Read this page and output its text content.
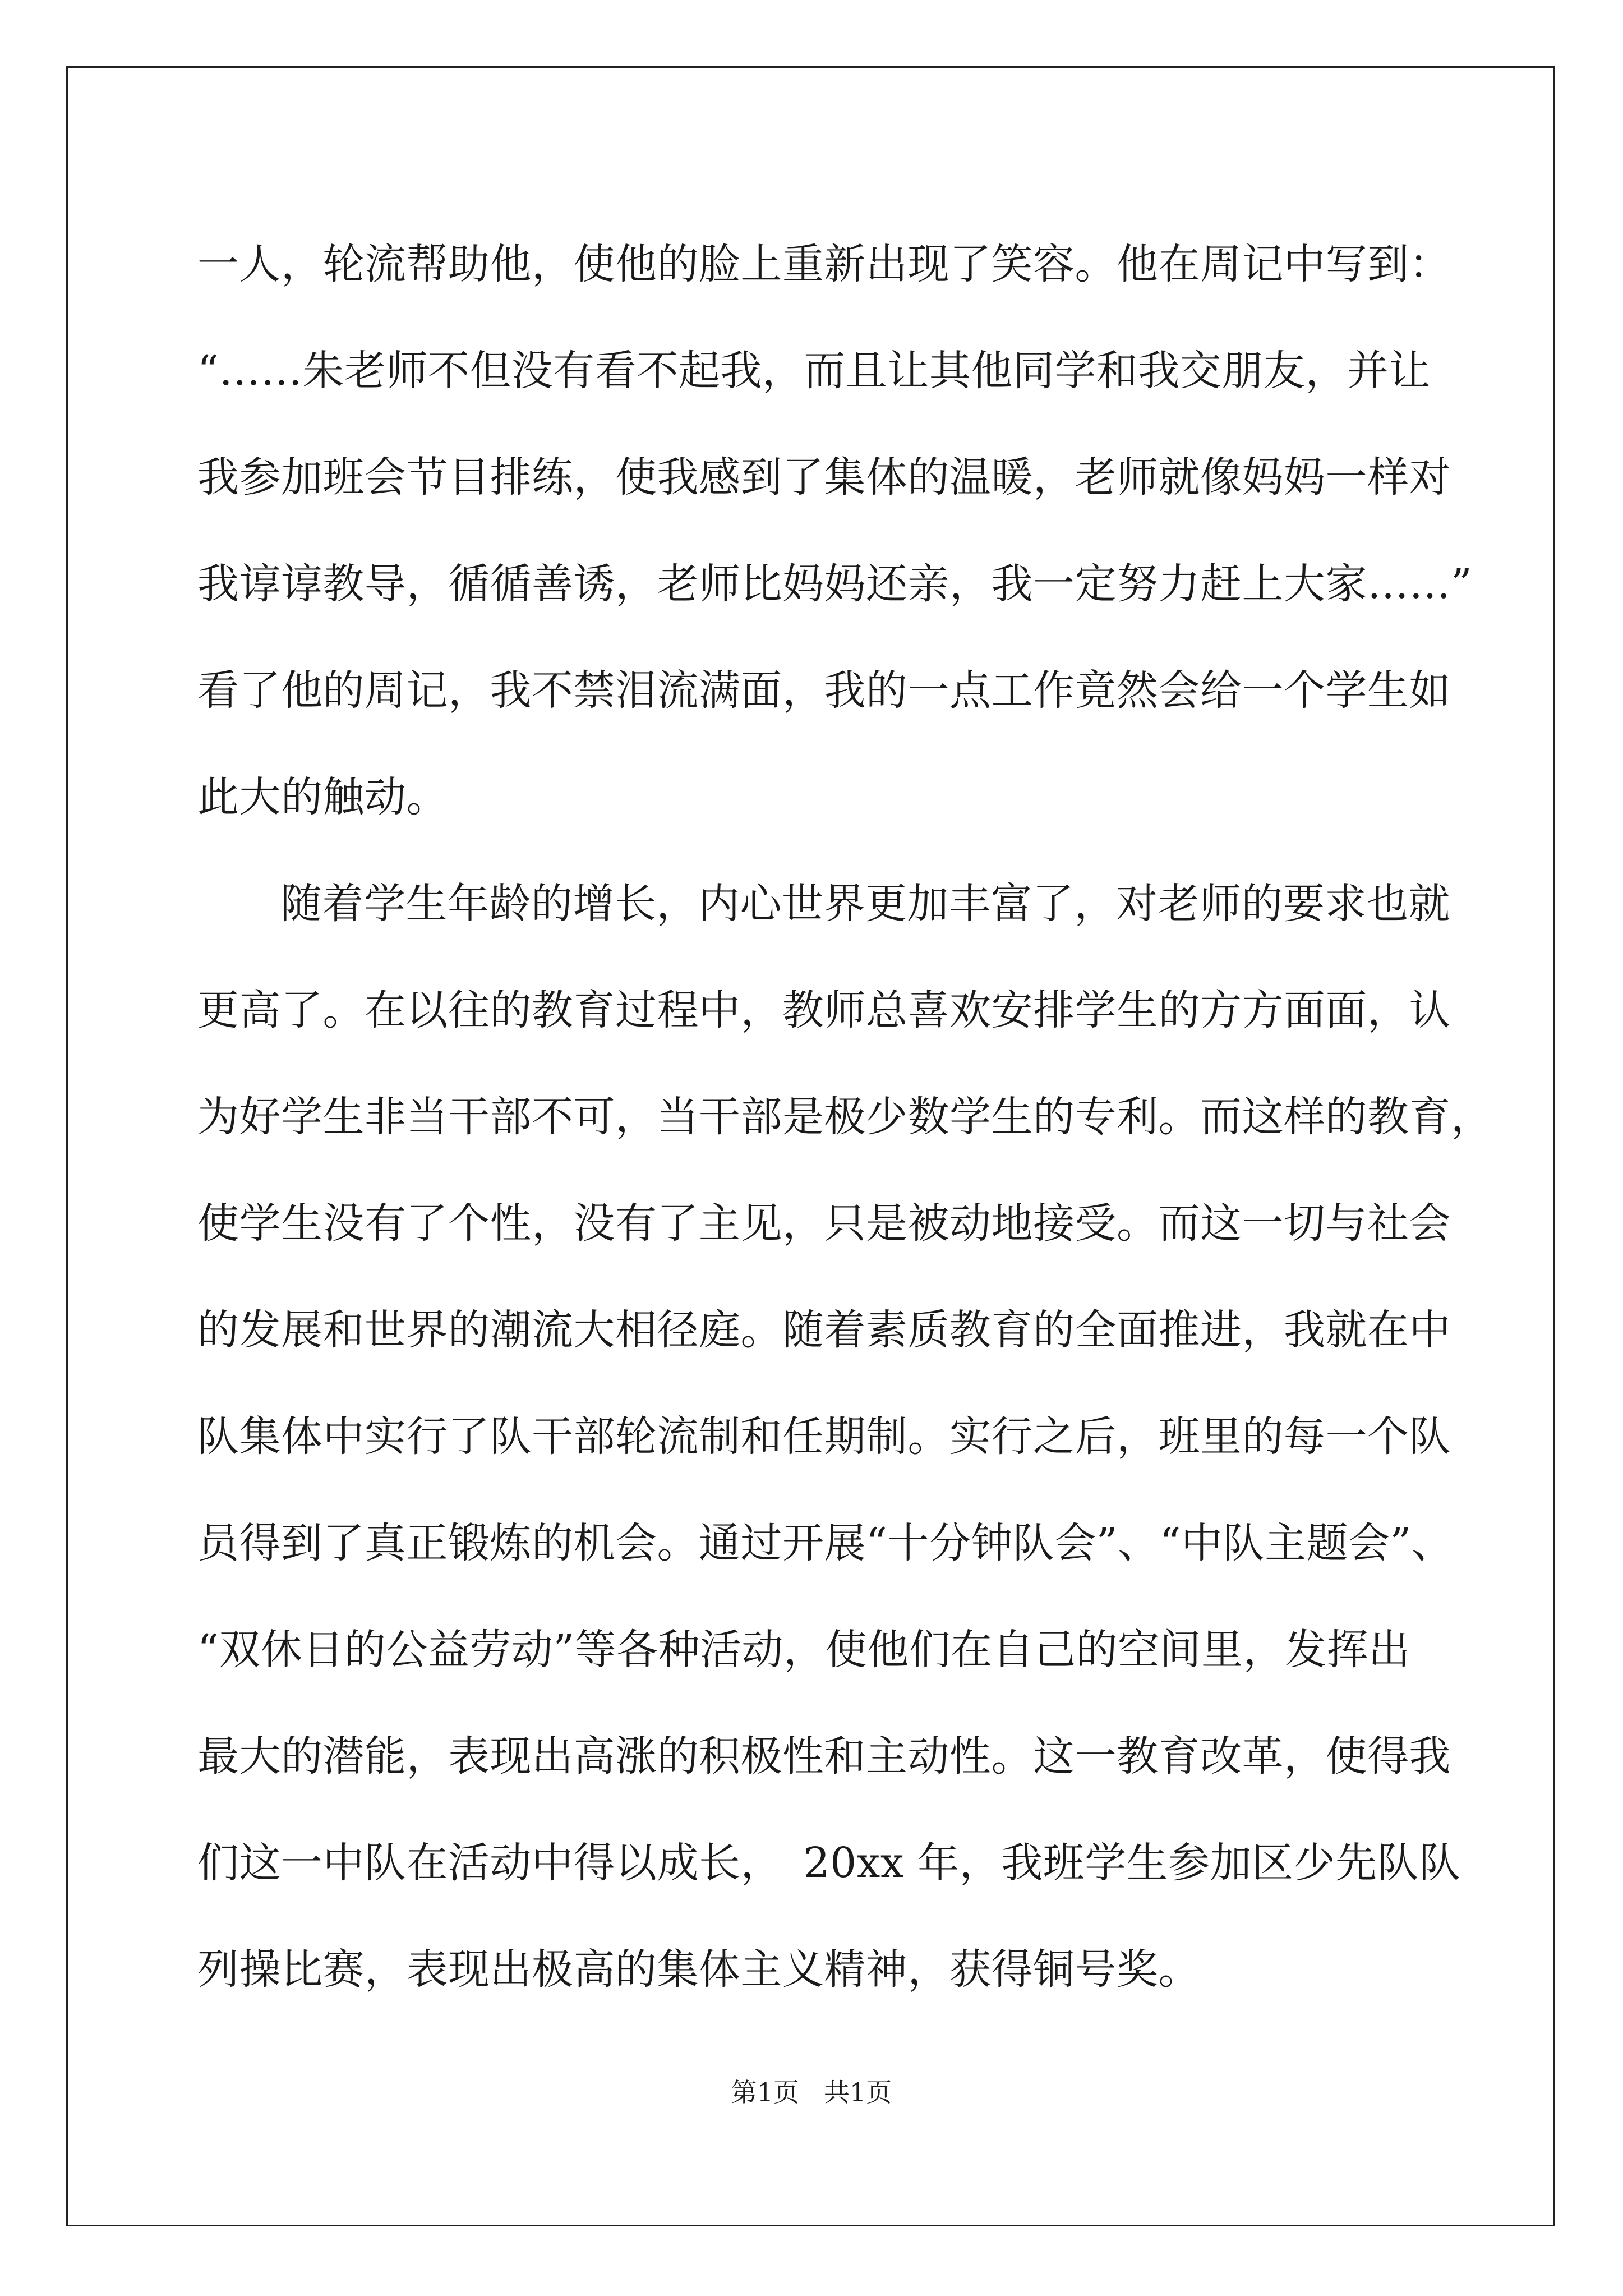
一人，轮流帮助他，使他的脸上重新出现了笑容。他在周记中写到：
“……朱老师不但没有看不起我，而且让其他同学和我交朋友，并让
我参加班会节目排练，使我感到了集体的温暖，老师就像妈妈一样对
我谆谆教导，循循善诱，老师比妈妈还亲，我一定努力赶上大家……”
看了他的周记，我不禁泪流满面，我的一点工作竟然会给一个学生如
此大的触动。
随着学生年龄的增长，内心世界更加丰富了，对老师的要求也就
更高了。在以往的教育过程中，教师总喜欢安排学生的方方面面，认
为好学生非当干部不可，当干部是极少数学生的专利。而这样的教育，
使学生没有了个性，没有了主见，只是被动地接受。而这一切与社会
的发展和世界的潮流大相径庭。随着素质教育的全面推进，我就在中
队集体中实行了队干部轮流制和任期制。实行之后，班里的每一个队
员得到了真正锻炼的机会。通过开展“十分钟队会”、“中队主题会”、
“双休日的公益劳动”等各种活动，使他们在自己的空间里，发挥出
最大的潜能，表现出高涨的积极性和主动性。这一教育改革，使得我
们这一中队在活动中得以成长，　20xx 年，我班学生参加区少先队队
列操比赛，表现出极高的集体主义精神，获得铜号奖。
第1页 共1页
